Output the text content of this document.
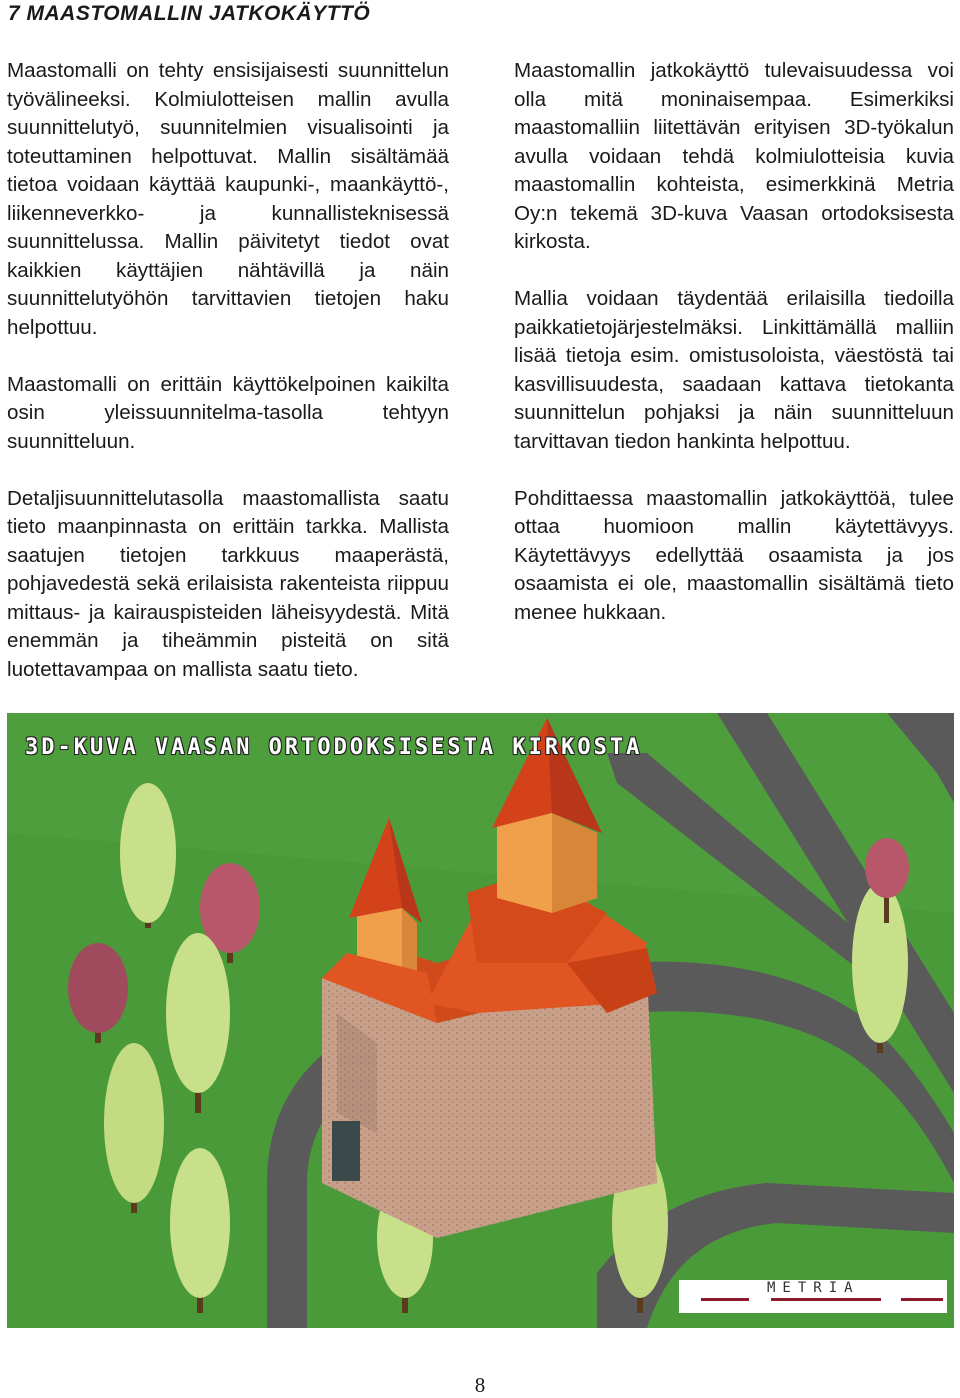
7 MAASTOMALLIN JATKOKÄYTTÖ

Maastomalli on tehty ensisijaisesti suunnittelun työvälineeksi. Kolmiulotteisen mallin avulla suunnittelutyö, suunnitelmien visualisointi ja toteuttaminen helpottuvat. Mallin sisältämää tietoa voidaan käyttää kaupunki-, maankäyttö-, liikenneverkko- ja kunnallisteknisessä suunnittelussa. Mallin päivitetyt tiedot ovat kaikkien käyttäjien nähtävillä ja näin suunnittelutyöhön tarvittavien tietojen haku helpottuu.

Maastomalli on erittäin käyttökelpoinen kaikilta osin yleissuunnitelma-tasolla tehtyyn suunnitteluun.

Detaljisuunnittelutasolla maastomallista saatu tieto maanpinnasta on erittäin tarkka. Mallista saatujen tietojen tarkkuus maaperästä, pohjavedestä sekä erilaisista rakenteista riippuu mittaus- ja kairauspisteiden läheisyydestä. Mitä enemmän ja tiheämmin pisteitä on sitä luotettavampaa on mallista saatu tieto.

Maastomallin jatkokäyttö tulevaisuudessa voi olla mitä moninaisempaa. Esimerkiksi maastomalliin liitettävän erityisen 3D-työkalun avulla voidaan tehdä kolmiulotteisia kuvia maastomallin kohteista, esimerkkinä Metria Oy:n tekemä 3D-kuva Vaasan ortodoksisesta kirkosta.

Mallia voidaan täydentää erilaisilla tiedoilla paikkatietojärjestelmäksi. Linkittämällä malliin lisää tietoja esim. omistusoloista, väestöstä tai kasvillisuudesta, saadaan kattava tietokanta suunnittelun pohjaksi ja näin suunnitteluun tarvittavan tiedon hankinta helpottuu.

Pohdittaessa maastomallin jatkokäyttöä, tulee ottaa huomioon mallin käytettävyys. Käytettävyys edellyttää osaamista ja jos osaamista ei ole, maastomallin sisältämä tieto menee hukkaan.

3D-KUVA VAASAN ORTODOKSISESTA KIRKOSTA
METRIA
8
